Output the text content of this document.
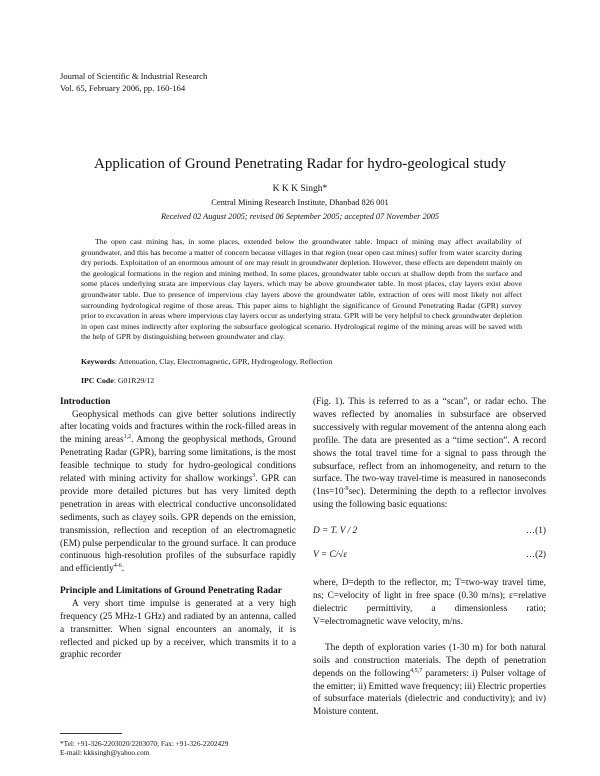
Journal of Scientific & Industrial Research
Vol. 65, February 2006, pp. 160-164
Application of Ground Penetrating Radar for hydro-geological study
K K K Singh*
Central Mining Research Institute, Dhanbad 826 001
Received 02 August 2005; revised 06 September 2005; accepted 07 November 2005
The open cast mining has, in some places, extended below the groundwater table. Impact of mining may affect availability of groundwater, and this has become a matter of concern because villages in that region (near open cast mines) suffer from water scarcity during dry periods. Exploitation of an enormous amount of ore may result in groundwater depletion. However, these effects are dependent mainly on the geological formations in the region and mining method. In some places, groundwater table occurs at shallow depth from the surface and some places underlying strata are impervious clay layers, which may be above groundwater table. In most places, clay layers exist above groundwater table. Due to presence of impervious clay layers above the groundwater table, extraction of ores will most likely not affect surrounding hydrological regime of those areas. This paper aims to highlight the significance of Ground Penetrating Radar (GPR) survey prior to excavation in areas where impervious clay layers occur as underlying strata. GPR will be very helpful to check groundwater depletion in open cast mines indirectly after exploring the subsurface geological scenario. Hydrological regime of the mining areas will be saved with the help of GPR by distinguishing between groundwater and clay.
Keywords: Attenuation, Clay, Electromagnetic, GPR, Hydrogeology, Reflection
IPC Code: G01R29/12

Introduction

Geophysical methods can give better solutions indirectly after locating voids and fractures within the rock-filled areas in the mining areas$^{1,2}$. Among the geophysical methods, Ground Penetrating Radar (GPR), barring some limitations, is the most feasible technique to study for hydro-geological conditions related with mining activity for shallow workings$^3$. GPR can provide more detailed pictures but has very limited depth penetration in areas with electrical conductive unconsolidated sediments, such as clayey soils. GPR depends on the emission, transmission, reflection and reception of an electromagnetic (EM) pulse perpendicular to the ground surface. It can produce continuous high-resolution profiles of the subsurface rapidly and efficiently$^{4-6}$.

Principle and Limitations of Ground Penetrating Radar

A very short time impulse is generated at a very high frequency (25 MHz-1 GHz) and radiated by an antenna, called a transmitter. When signal encounters an anomaly, it is reflected and picked up by a receiver, which transmits it to a graphic recorder

(Fig. 1). This is referred to as a “scan”, or radar echo. The waves reflected by anomalies in subsurface are observed successively with regular movement of the antenna along each profile. The data are presented as a “time section”. A record shows the total travel time for a signal to pass through the subsurface, reflect from an inhomogeneity, and return to the surface. The two-way travel-time is measured in nanoseconds $(1ns=10^{-9}\sec)$. Determining the depth to a reflector involves using the following basic equations:

D = T. V / 2	…(1)

V = C/√ε	…(2)

where, D=depth to the reflector, m; T=two-way travel time, ns; C=velocity of light in free space (0.30 m/ns); ε=relative dielectric permittivity, a dimensionless ratio; V=electromagnetic wave velocity, m/ns.

The depth of exploration varies (1-30 m) for both natural soils and construction materials. The depth of penetration depends on the following$^{4,5,7}$ parameters: i) Pulser voltage of the emitter; ii) Emitted wave frequency; iii) Electric properties of subsurface materials (dielectric and conductivity); and iv) Moisture content.

*Tel: +91-326-2203020/2203070; Fax: +91-326-2202429
E-mail: kkksingh@yahoo.com
